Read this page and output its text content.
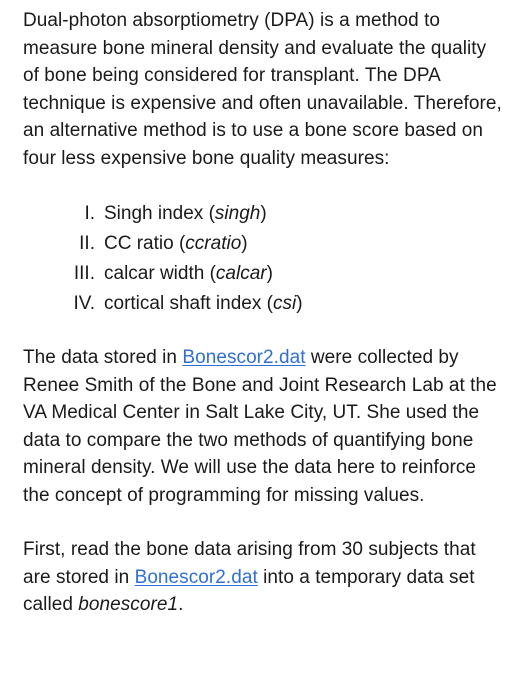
Dual-photon absorptiometry (DPA) is a method to measure bone mineral density and evaluate the quality of bone being considered for transplant. The DPA technique is expensive and often unavailable. Therefore, an alternative method is to use a bone score based on four less expensive bone quality measures:

I. Singh index (singh)
II. CC ratio (ccratio)
III. calcar width (calcar)
IV. cortical shaft index (csi)

The data stored in Bonescor2.dat were collected by Renee Smith of the Bone and Joint Research Lab at the VA Medical Center in Salt Lake City, UT. She used the data to compare the two methods of quantifying bone mineral density. We will use the data here to reinforce the concept of programming for missing values.

First, read the bone data arising from 30 subjects that are stored in Bonescor2.dat into a temporary data set called bonescore1.
